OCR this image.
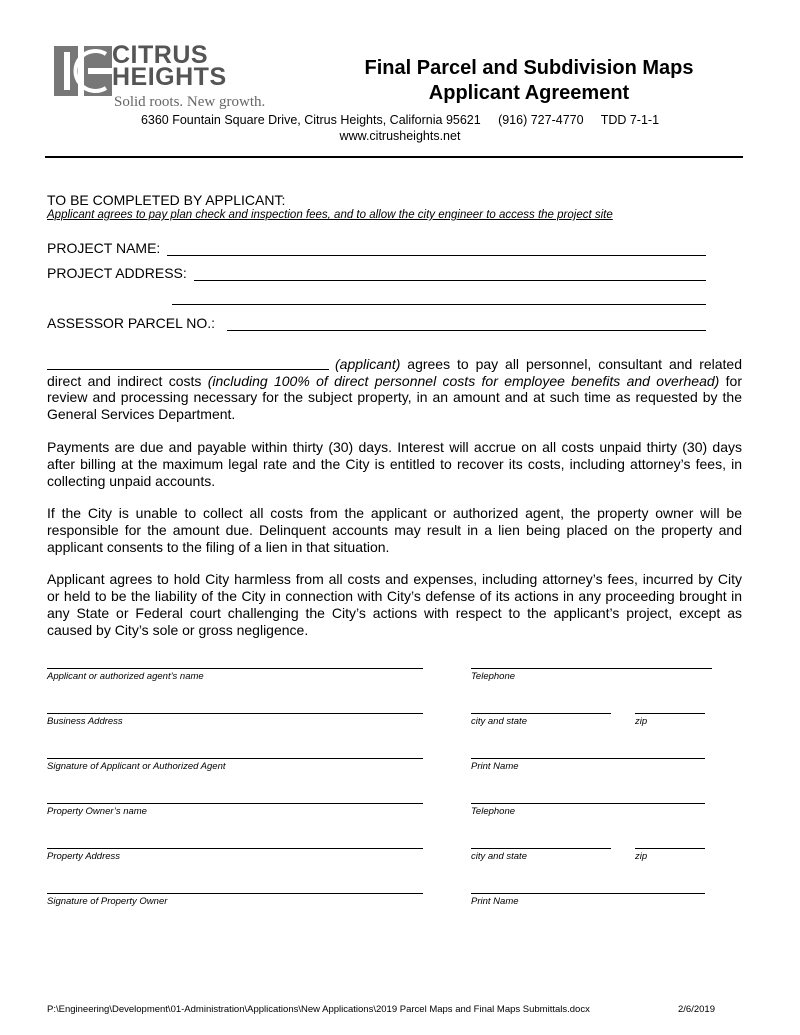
CITRUS
HEIGHTS
Solid roots. New growth.
Final Parcel and Subdivision Maps
Applicant Agreement
6360 Fountain Square Drive, Citrus Heights, California 95621     (916) 727-4770     TDD 7-1-1
www.citrusheights.net
TO BE COMPLETED BY APPLICANT:
Applicant agrees to pay plan check and inspection fees, and to allow the city engineer to access the project site
PROJECT NAME:
PROJECT ADDRESS:
ASSESSOR PARCEL NO.:
(applicant) agrees to pay all personnel, consultant and related
direct and indirect costs (including 100% of direct personnel costs for employee benefits and overhead) for
review and processing necessary for the subject property, in an amount and at such time as requested by the General Services Department.
Payments are due and payable within thirty (30) days. Interest will accrue on all costs unpaid thirty (30) days after billing at the maximum legal rate and the City is entitled to recover its costs, including attorney’s fees, in collecting unpaid accounts.
If the City is unable to collect all costs from the applicant or authorized agent, the property owner will be responsible for the amount due. Delinquent accounts may result in a lien being placed on the property and applicant consents to the filing of a lien in that situation.
Applicant agrees to hold City harmless from all costs and expenses, including attorney’s fees, incurred by City or held to be the liability of the City in connection with City’s defense of its actions in any proceeding brought in any State or Federal court challenging the City’s actions with respect to the applicant’s project, except as caused by City’s sole or gross negligence.
Applicant or authorized agent’s name	Telephone
Business Address	city and state	zip
Signature of Applicant or Authorized Agent	Print Name
Property Owner’s name	Telephone
Property Address	city and state	zip
Signature of Property Owner	Print Name
P:\Engineering\Development\01-Administration\Applications\New Applications\2019 Parcel Maps and Final Maps Submittals.docx	2/6/2019
